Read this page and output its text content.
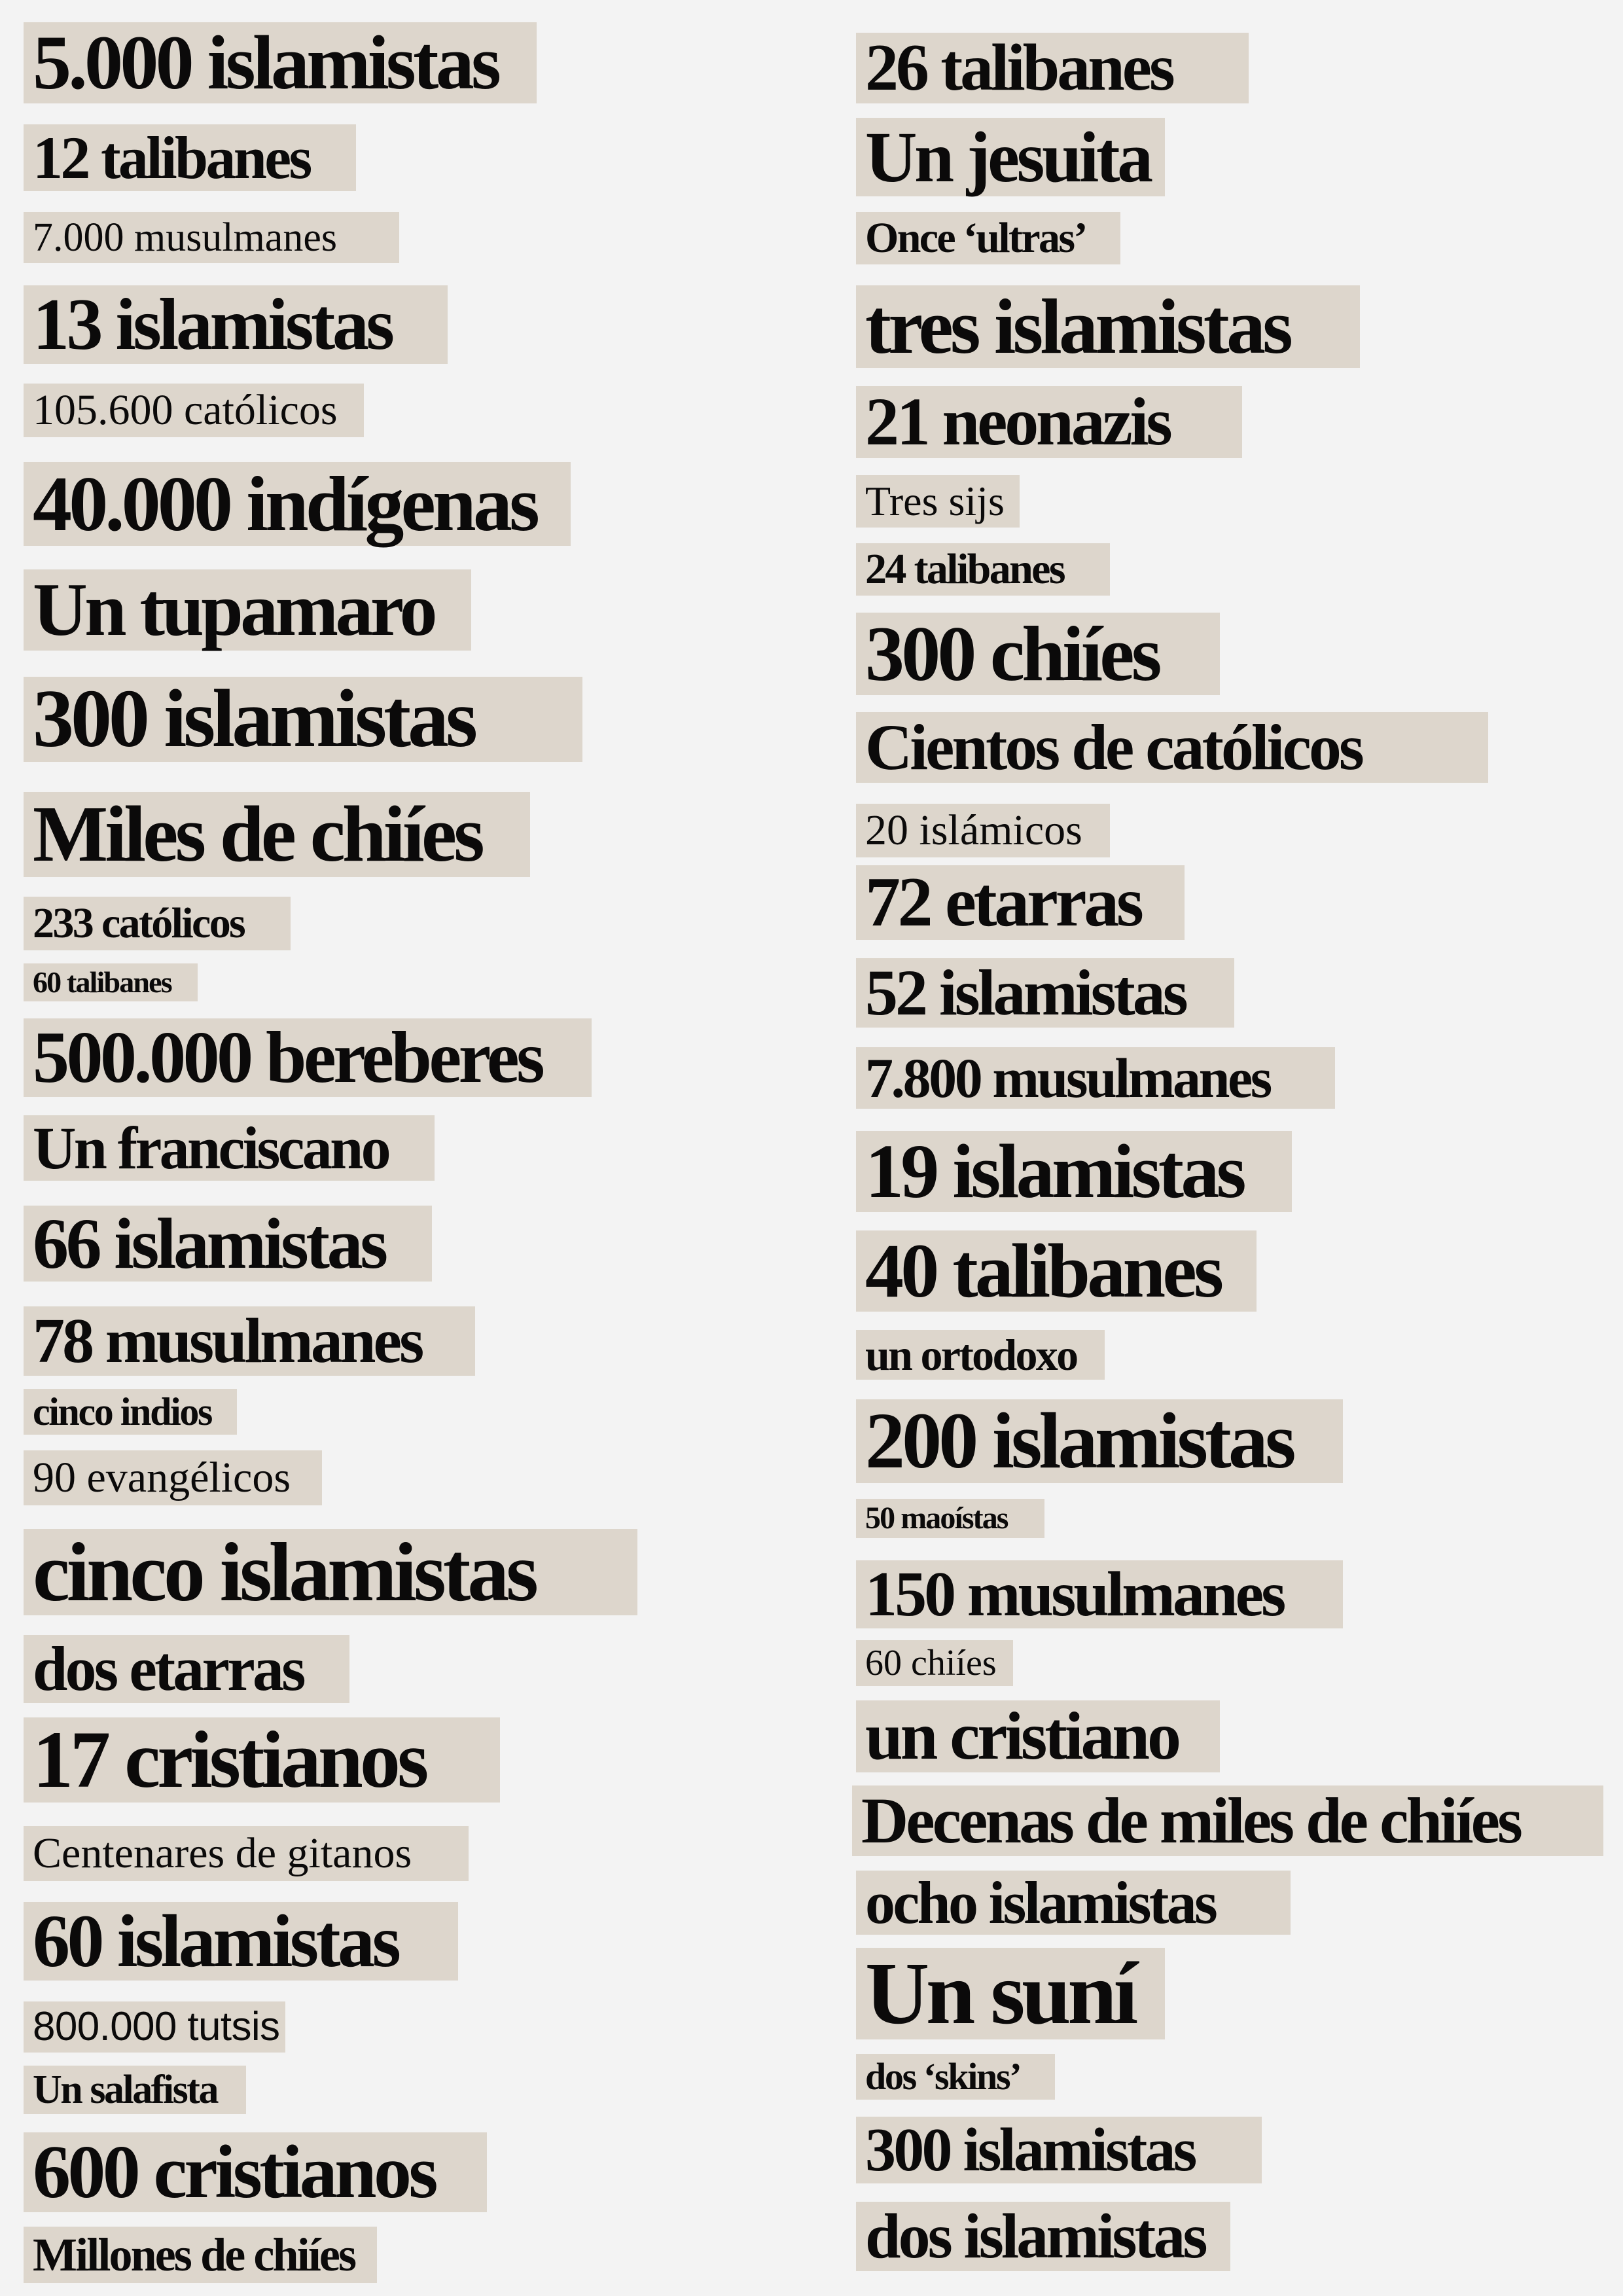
5.000 islamistas
12 talibanes
7.000 musulmanes
13 islamistas
105.600 católicos
40.000 indígenas
Un tupamaro
300 islamistas
Miles de chiíes
233 católicos
60 talibanes
500.000 bereberes
Un franciscano
66 islamistas
78 musulmanes
cinco indios
90 evangélicos
cinco islamistas
dos etarras
17 cristianos
Centenares de gitanos
60 islamistas
800.000 tutsis
Un salafista
600 cristianos
Millones de chiíes
26 talibanes
Un jesuita
Once ‘ultras’
tres islamistas
21 neonazis
Tres sijs
24 talibanes
300 chiíes
Cientos de católicos
20 islámicos
72 etarras
52 islamistas
7.800 musulmanes
19 islamistas
40 talibanes
un ortodoxo
200 islamistas
50 maoístas
150 musulmanes
60 chiíes
un cristiano
Decenas de miles de chiíes
ocho islamistas
Un suní
dos ‘skins’
300 islamistas
dos islamistas
